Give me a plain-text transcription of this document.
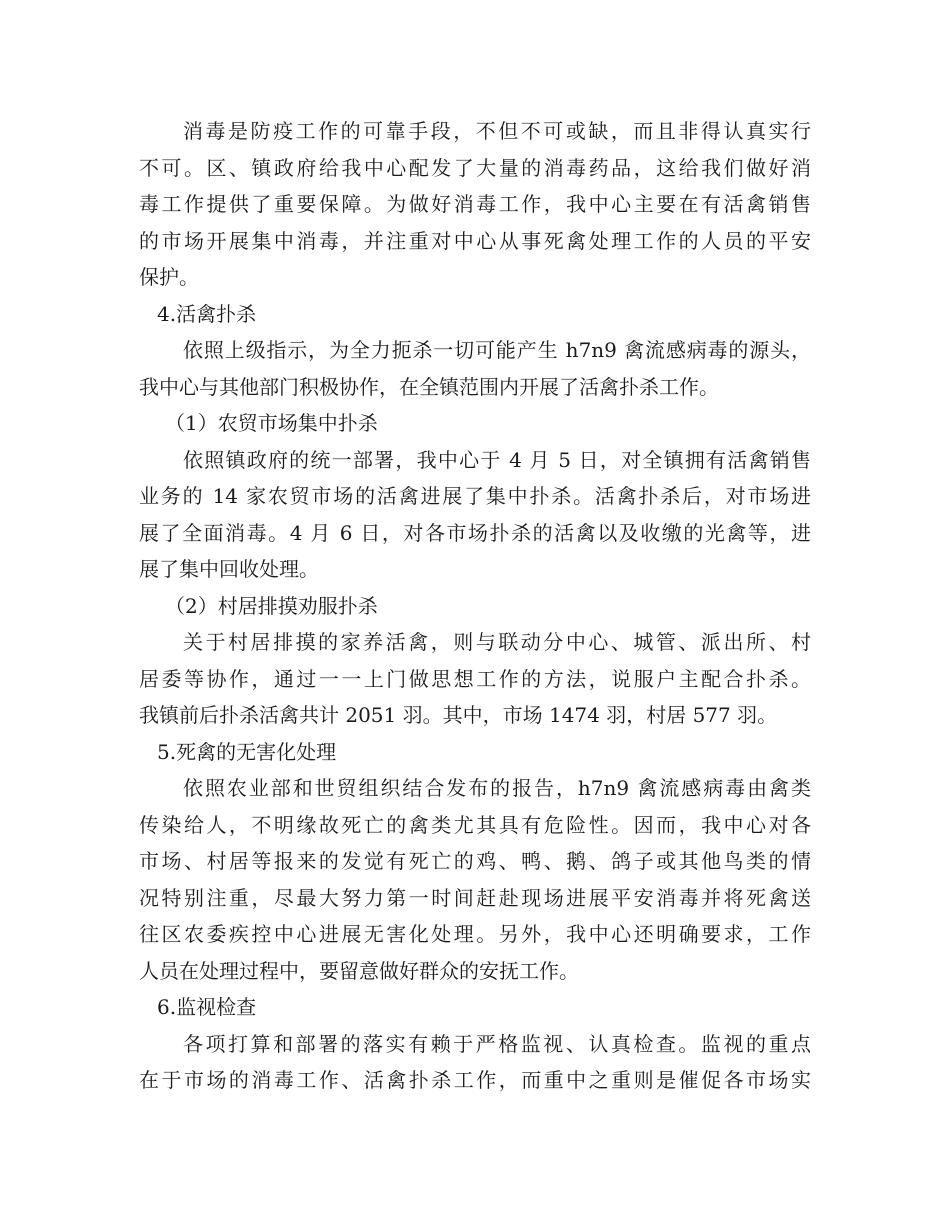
消毒是防疫工作的可靠手段，不但不可或缺，而且非得认真实行
不可。区、镇政府给我中心配发了大量的消毒药品，这给我们做好消
毒工作提供了重要保障。为做好消毒工作，我中心主要在有活禽销售
的市场开展集中消毒，并注重对中心从事死禽处理工作的人员的平安
保护。
4.活禽扑杀
依照上级指示，为全力扼杀一切可能产生 h7n9 禽流感病毒的源头，
我中心与其他部门积极协作，在全镇范围内开展了活禽扑杀工作。
（1）农贸市场集中扑杀
依照镇政府的统一部署，我中心于 4 月 5 日，对全镇拥有活禽销售
业务的 14 家农贸市场的活禽进展了集中扑杀。活禽扑杀后，对市场进
展了全面消毒。4 月 6 日，对各市场扑杀的活禽以及收缴的光禽等，进
展了集中回收处理。
（2）村居排摸劝服扑杀
关于村居排摸的家养活禽，则与联动分中心、城管、派出所、村
居委等协作，通过一一上门做思想工作的方法，说服户主配合扑杀。
我镇前后扑杀活禽共计 2051 羽。其中，市场 1474 羽，村居 577 羽。
5.死禽的无害化处理
依照农业部和世贸组织结合发布的报告，h7n9 禽流感病毒由禽类
传染给人，不明缘故死亡的禽类尤其具有危险性。因而，我中心对各
市场、村居等报来的发觉有死亡的鸡、鸭、鹅、鸽子或其他鸟类的情
况特别注重，尽最大努力第一时间赶赴现场进展平安消毒并将死禽送
往区农委疾控中心进展无害化处理。另外，我中心还明确要求，工作
人员在处理过程中，要留意做好群众的安抚工作。
6.监视检查
各项打算和部署的落实有赖于严格监视、认真检查。监视的重点
在于市场的消毒工作、活禽扑杀工作，而重中之重则是催促各市场实
